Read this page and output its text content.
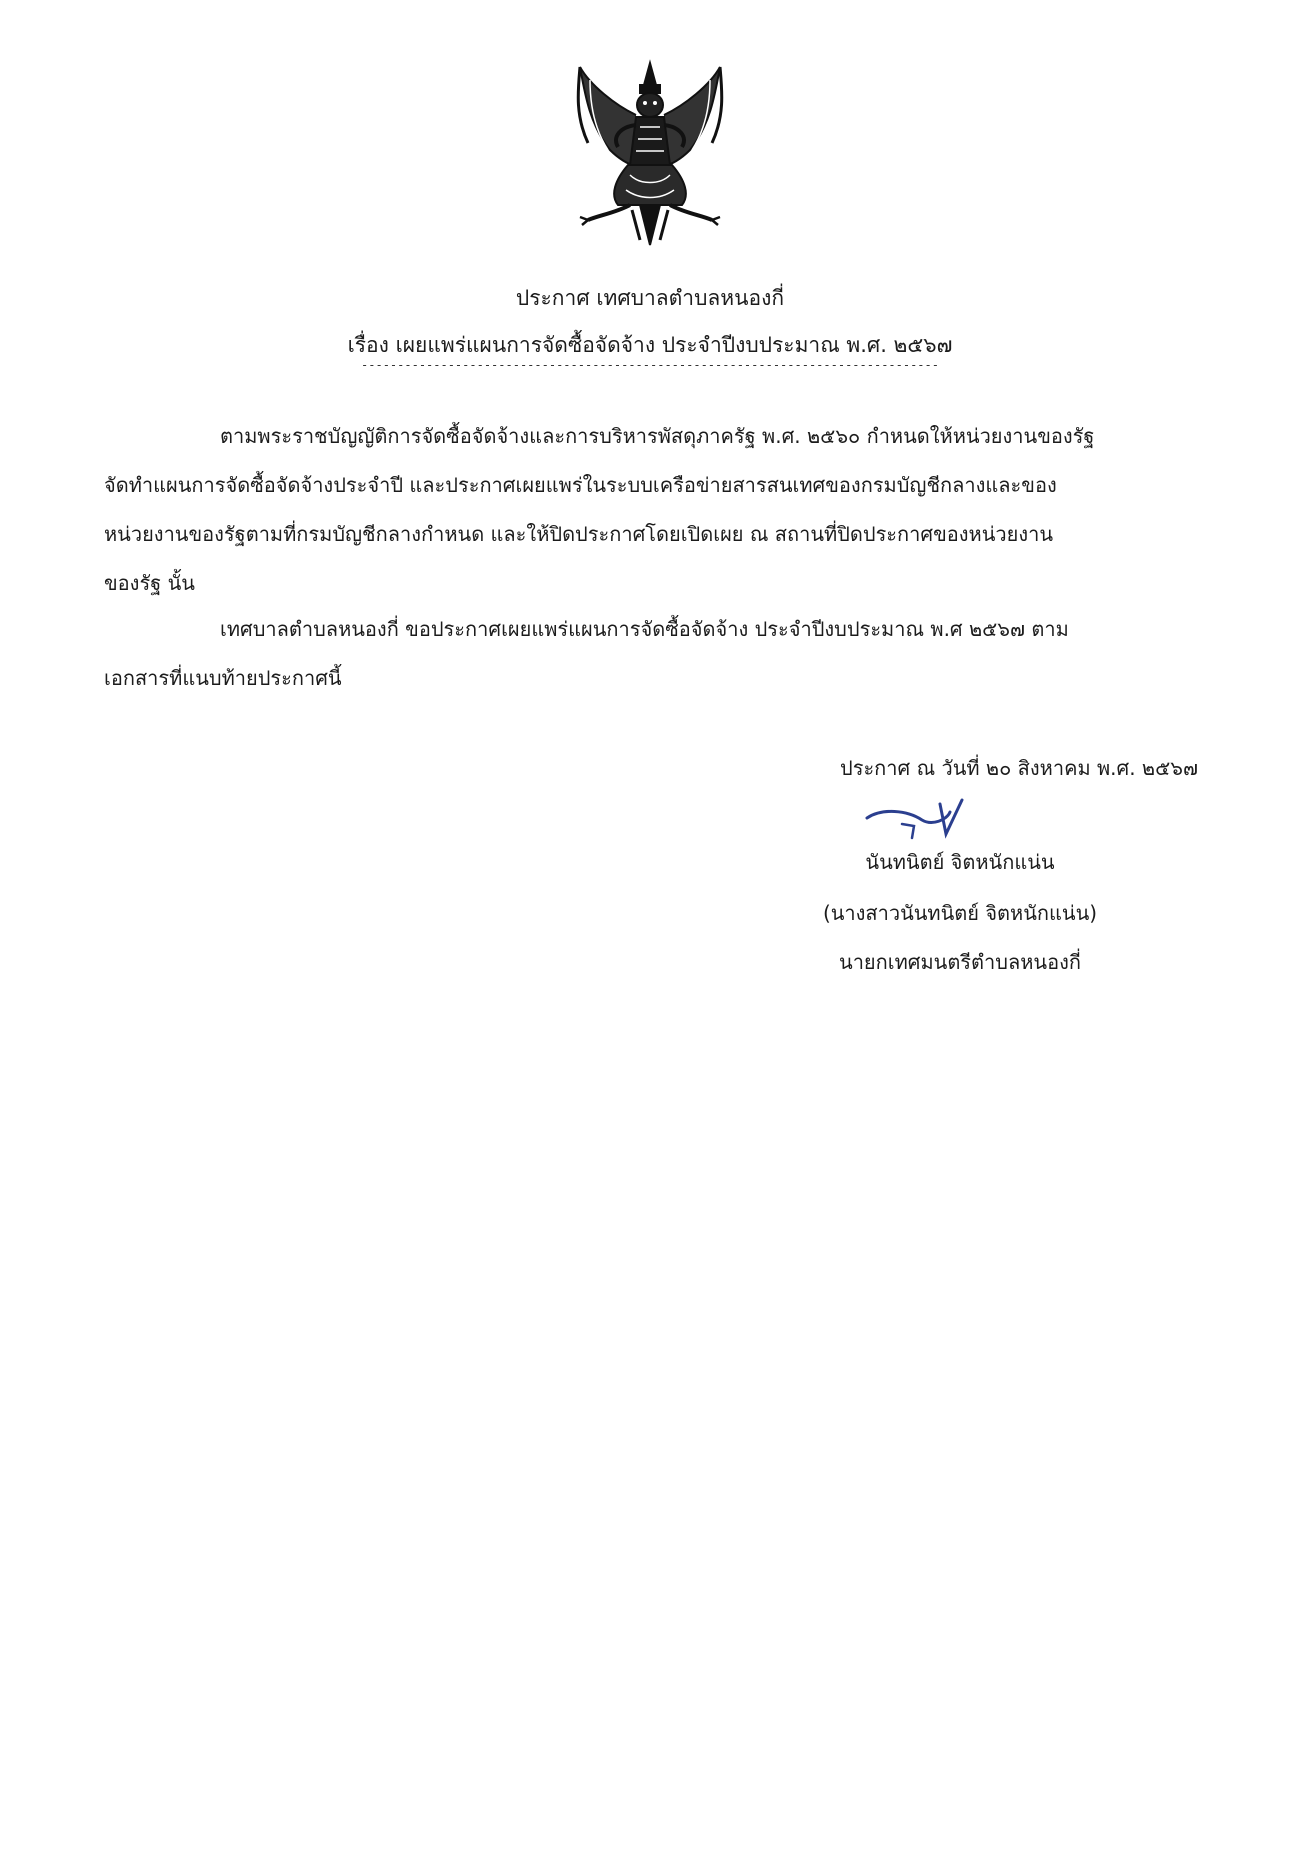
ประกาศ เทศบาลตำบลหนองกี่
เรื่อง เผยแพร่แผนการจัดซื้อจัดจ้าง ประจำปีงบประมาณ พ.ศ. ๒๕๖๗
--------------------------------------------------------------------------------
ตามพระราชบัญญัติการจัดซื้อจัดจ้างและการบริหารพัสดุภาครัฐ พ.ศ. ๒๕๖๐ กำหนดให้หน่วยงานของรัฐ
จัดทำแผนการจัดซื้อจัดจ้างประจำปี และประกาศเผยแพร่ในระบบเครือข่ายสารสนเทศของกรมบัญชีกลางและของ
หน่วยงานของรัฐตามที่กรมบัญชีกลางกำหนด และให้ปิดประกาศโดยเปิดเผย ณ สถานที่ปิดประกาศของหน่วยงาน
ของรัฐ นั้น
เทศบาลตำบลหนองกี่ ขอประกาศเผยแพร่แผนการจัดซื้อจัดจ้าง ประจำปีงบประมาณ พ.ศ ๒๕๖๗ ตาม
เอกสารที่แนบท้ายประกาศนี้
ประกาศ ณ วันที่ ๒๐ สิงหาคม พ.ศ. ๒๕๖๗
นันทนิตย์ จิตหนักแน่น
(นางสาวนันทนิตย์ จิตหนักแน่น)
นายกเทศมนตรีตำบลหนองกี่
